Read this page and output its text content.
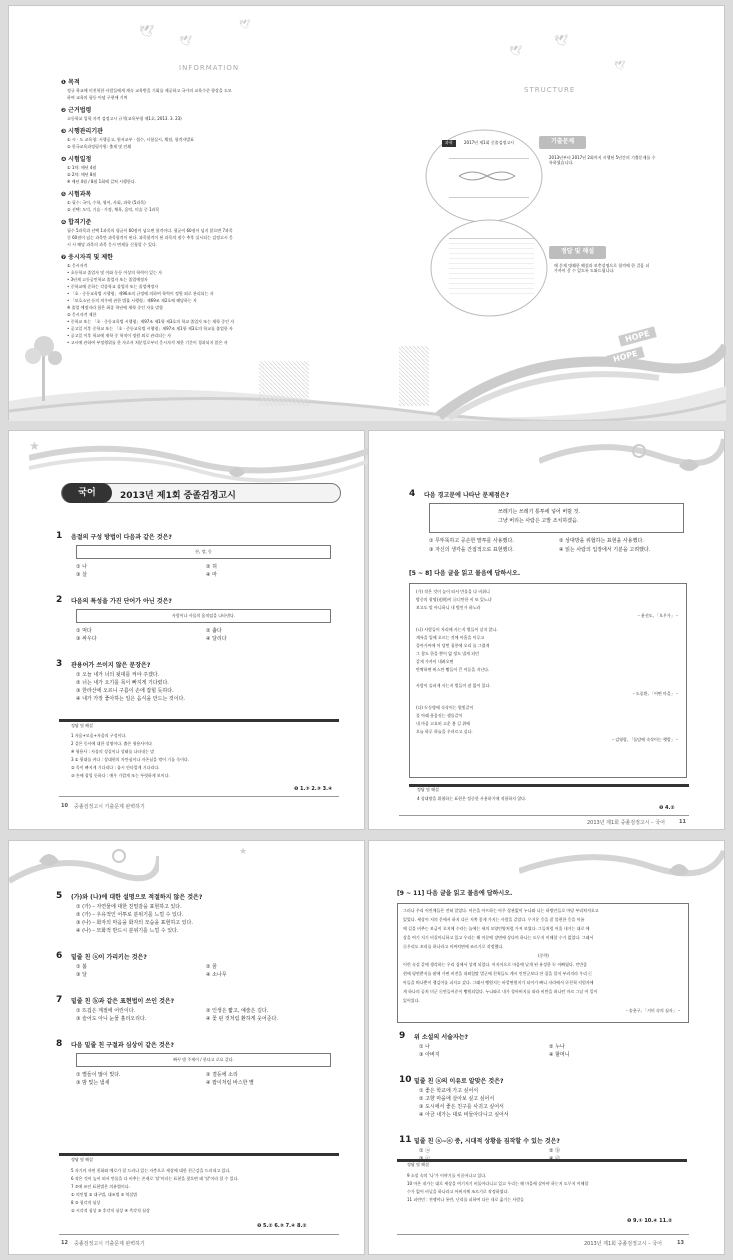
🕊
🕊
🕊
🕊
🕊
🕊
INFORMATION
STRUCTURE
❶ 목적
정규 학교에 미진학한 사람들에게 계속 교육받을 기회를 제공하고 국가의 교육수준 향상을 도모
하여 교육의 평등 이념 구현에 기여
❷ 근거법령
고등학교 입학 자격 검정고시 규칙(교육부령 제1호, 2013. 3. 23)
❸ 시행관리기관
① 시 · 도 교육청: 시행공고, 원서교부 · 접수, 시험실시, 채점, 합격자발표
② 한국교육과정평가원: 출제 및 인쇄
❹ 시험일정
① 1차: 매년 4월
② 2차: 매년 8월
※ 매년 4월 / 8월 1회에 걸쳐 시행한다.
❺ 시험과목
① 필수: 국어, 수학, 영어, 사회, 과학 (5과목)
② 선택: 도덕, 기술 · 가정, 체육, 음악, 미술 중 1과목
❻ 합격기준
필수 5과목과 선택 1과목의 평균이 60점이 넘으면 합격이다. 평균이 60점이 넘지 않으면 7과목
중 60점이 넘는 과목만 과목합격이 된다. 과목합격이 된 과목의 점수 추후 실시되는 검정고시 응
시 시 해당 과목의 과목 응시 면제를 신청할 수 있다.
❼ 응시자격 및 제한
① 응시자격
• 초등학교 졸업자 및 이와 동등 이상의 학력이 있는 자
• 3년제 고등공민학교 졸업자 또는 졸업예정자
• 중학교에 준하는 각종학교 졸업자 또는 졸업예정자
• 「초 · 중등교육법 시행령」제96조의 규정에 의하여 학력이 정원 외로 관리되는 자
• 「보호소년 등의 처우에 관한 법률 시행령」제69조 제2호에 해당하는 자
※ 졸업 예정자라 함은 최종 학년에 재학 중인 자를 말함
② 응시자격 제한
• 중학교 또는 「초 · 중등교육법 시행령」제97조 제1항 제3호의 학교 졸업자 또는 재학 중인 자
• 공고일 이후 중학교 또는 「초 · 중등교육법 시행령」제97조 제1항 제3호의 학교를 졸업한 자
• 공고일 이후 학교에 재학 중 학적이 정원 외로 관리되는 자
• 고시에 관하여 부정행위를 한 자로서 처분일로부터 응시자격 제한 기간이 경과되지 않은 자
과학	2017년 제1회 중졸검정고시	기출문제
2013년부터 2017년 2회까지 시행된 5년간의 기출문제를 수록하였습니다.
정답 및 해설
매 문제 명쾌한 해설과 보충설명으로 합격에 한 걸음 더 가까이 갈 수 있도록 도와드립니다.
HOPE
HOPE
★
국어	2013년 제1회 중졸검정고시
1 음절의 구성 방법이 다음과 같은 것은?
산, 망, 동
① 나	② 허
③ 살	④ 마
2 다음의 특성을 가진 단어가 아닌 것은?
사람이나 사물의 움직임을 나타낸다.
① 먹다	② 춥다
③ 싸우다	④ 달리다
3 관용어가 쓰이지 않은 문장은?
① 오늘 내가 너의 뒷대를 켜야 주겠다.
② 너는 내가 오기를 목이 빠지게 기다렸다.
③ 한라산에 오르니 구름이 손에 잡힐 듯하다.
④ 내가 가장 좋아하는 일은 음식을 만드는 것이다.
정답 및 해설
1 자음+모음+자음의 구성이다.
2 같은 동사에 대한 설명이다. 춥은 형용사이다
※ 형용사 : 사물의 성질이나 상태를 나타내는 말
3 ① 뒷대를 켜다 : 상대편의 자만심이나 자존심을 꺾어 기를 죽이다.
② 목이 빠지게 기다리다 : 몹시 안타깝게 기다리다.
③ 손에 잡힐 듯하다 : 매우 가깝게 또는 뚜렷하게 보이다.
❶ 1.③ 2.③ 3.④
10 중졸검정고시 기출문제 완벽하기
4 다음 경고문에 나타난 문제점은?
쓰레기는 쓰레기 통투에 넣어 버릴 것.
그냥 버리는 사람은 고발 조치하겠음.
① 무뚜뚝하고 공손한 말투를 사용했다.	② 상대방을 위협하는 표현을 사용했다.
③ 자신의 생각을 간접적으로 표현했다.	④ 읽는 사람의 입장에서 기분을 고려했다.
[5 ~ 8] 다음 글을 읽고 물음에 답하시오.
(가) 작은 것이 높이 떠서 만물을 다 비취니
밤중의 광명(光明)이 ⓐ너만한 이 또 있느냐
보고도 말 아니하니 내 벗인가 하노라
– 윤선도, 「오우가」 –
(나) 사람들이 자리에 사는지 별들이 살지 않나.
계륵을 입에 오르는 것에 아홉을 이루고
풀아가씨에 어 당번 칠풍에 오리 를 그렸게
그 참도 한을 뿐이 없 정도 낼게 되던
같게 가까이 내려오면
반짝하면 버스만 빵들이 큰 어둠을 지난다.
사람이 슬퍼게 사는지 별들이 잠 없어 있다.
– 도종환, 「어떤 마을」 –
(다) ⓑ동방에 속삭이는 별빛같이
풀 아래 웃음짓는 샘물같이
내 마음 고요히 고운 봄 길 위에
오늘 하루 하늘을 우러르고 싶다.
– 김영랑, 「돌담에 속삭이는 햇발」 –
정답 및 해설
4 상대방을 위협하는 표현은 정중한 사용하기에 적합하지 않다.
❶ 4.②
2013년 제1회 중졸검정고시 – 국어	11
★
5 (가)와 (나)에 대한 설명으로 적절하지 않은 것은?
① (가) – 자연물에 대한 친밀감을 표현하고 있다.
② (가) – 우유적인 어투로 분위기를 느낄 수 있다.
③ (나) – 화자의 마음을 화자의 모습을 표현하고 있다.
④ (나) – 모화적 반드시 분위기를 느낄 수 있다.
6 밑줄 친 ⓐ이 가리키는 것은?
① 봄	② 꿈
③ 달	④ 소나무
7 밑줄 친 ⓑ과 같은 표현법이 쓰인 것은?
① 뜨겁은 계절에 어린이다.	② 인생은 짧고, 예술은 길다.
③ 슬어도 아니 눈물 흘리오리다.	④ 꽃 핀 것처럼 환하게 웃어준다.
8 다음 밑줄 친 구절과 심상이 같은 것은?
빠꾸 밤 주세이 / 한다고 로요 같다.
① 별들이 많이 빛다.	② 결등에 소리
③ 밤 및는 냄새	④ 팝이처럼 바스한 별
정답 및 해설
5 자기의 자연 친화와 예로가 잘 드러나 있는 자충으로 세상에 대한 친근감을 드러내고 있다.
6 작은 것이 높이 떠서 만물을 다 비추는 존재로 '달'이라는 표현을 찾으면 돼 '달'이라 할 수 있다.
7 ⑦에 쓰인 표현법은 의유법이다.
① 의인법 ② 대구법, 대조법 ③ 역설법
8 ③ 청각적 심상
② 시각적 심상 ③ 후각적 심상 ④ 촉각적 심상
❶ 5.② 6.③ 7.④ 8.②
12 중졸검정고시 기출문제 완벽하기
[9 ~ 11] 다음 글을 읽고 물음에 답하시오.
그러나 우리 어린애들은 전혀 알았다. 어른을 아프하는 아무 상관없이 누나와 나는 하방안들로 마당 부리쳐져오고
있었다. 세상이 저의 문에서 하지 다른 저쪽 좋게 가지는 사람을 같았다. 무거운 응을 잘 불편한 응을 이름
에 길을 비추는 보급이 오지에 수라는 놀에는 새의 모양인양처럼 가져 보였다. 그들처럼 어울 내거는 대로 에
상을 여기 저기 비질아니하고 있고 우리는 해 어문에 장면에 상다며 하나는 도무지 이해할 수가 없었다. 그래서
ⓐ우리도 꼬리를 하나라고 미싸치면에 조르기로 작정했다.
(중략)
이런 속설 같에 생각하는 우리 집에서 상게 되었다. 어지어으로 마음에 날개 된 유성한 ⓑ 아빠였다. 인만큼
현에 평연뿐지를 팔에 가면 비전을 내외힘탔 멸군에 친척들도 계시 인만군보다 잔 집을 할지 부러지라 우리 ⓒ
아들을 띄나뿐이 챙김어를 피지고 갔다. 그래서 빵원지는 바깥면원지가 되어가 빠니 자라에서 ⓓ친척 지원자에
게 하나의 공처 미군 ⓔ만들어준이 빵원되었다. 누나와로 내가 할아버지를 따라 비만을 떠나던 마르 그날 어 일이
있어있다.
– 송용구, 「거미 속의 심자」 –
9 위 소설의 서술자는?
① 나	② 누나
③ 아버지	④ 할머니
10 밑줄 친 ⓐ의 이유로 알맞은 것은?
① 좋은 학교에 가고 싶어서
② 고향 마을에 살아보 싶고 싶어서
③ 도시에서 좋은 친구를 사귀고 싶어서
④ 아금 내가는 대로 비둘아다니고 싶어서
11 밑줄 친 ⓐ~ⓔ 중, 시대적 상황을 짐작할 수 있는 것은?
① ⓐ	② ⓑ
정답 및 해설
9 소설 속의 '나'가 이야기를 이끌어나고 있다.
10 마은 내가는 대로 세상을 여기저기 비둘아다니고 있고 우리는 해 마을에 살아야 하는지 도무지 이해할
수가 없어 비닐을 하나라고 아버지께 조르기로 작정하였다.
11 피란민 : 전쟁이나 통란, 난리를 피하여 다른 내로 옮기는 사람들
❶ 9.① 10.④ 11.②
2013년 제1회 중졸검정고시 – 국어	13
